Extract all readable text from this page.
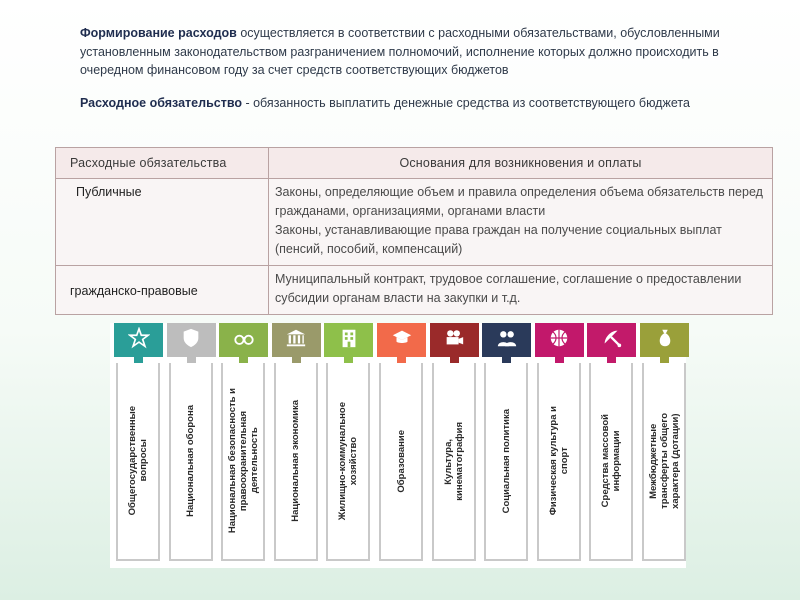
Формирование расходов осуществляется в соответствии с расходными обязательствами, обусловленными установленным законодательством разграничением полномочий, исполнение которых должно происходить в очередном финансовом году за счет средств соответствующих бюджетов

Расходное обязательство - обязанность выплатить денежные средства из соответствующего бюджета

Расходные обязательства	Основания для возникновения и оплаты
Публичные	Законы, определяющие объем и правила определения объема обязательств перед гражданами, организациями, органами власти
Законы, устанавливающие права граждан на получение социальных выплат (пенсий, пособий, компенсаций)

гражданско-правовые	Муниципальный контракт, трудовое соглашение, соглашение о предоставлении субсидии органам власти на закупки и т.д.
Общегосударственные
вопросы	Национальная оборона	Национальная безопасность и
правоохранительная
деятельность	Национальная экономика	Жилищно-коммунальное
хозяйство	Образование	Культура,
кинематография	Социальная политика	Физическая культура и
спорт
Средства массовой
информации	Межбюджетные
трансферты общего
характера (дотации)
